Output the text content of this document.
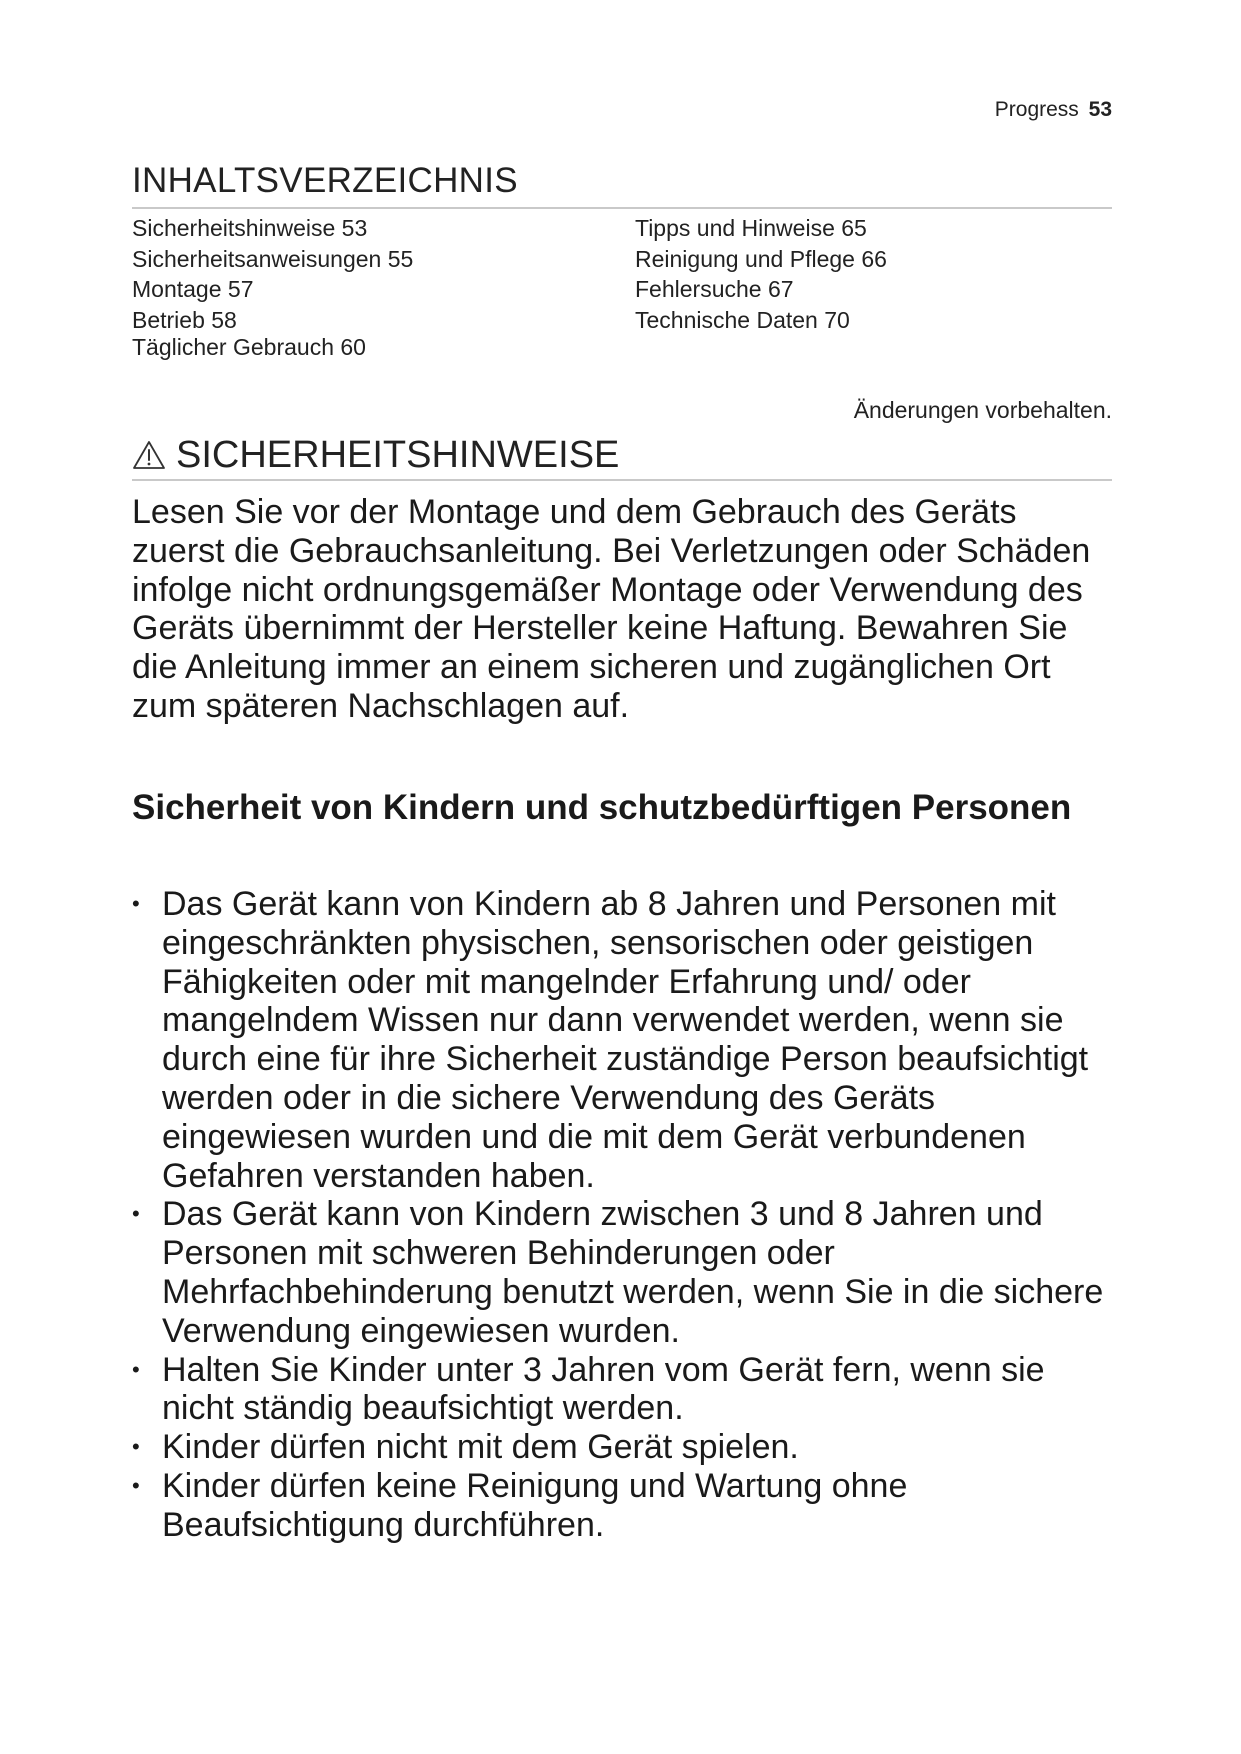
Progress 53
INHALTSVERZEICHNIS
Sicherheitshinweise 53
Sicherheitsanweisungen 55
Montage 57
Betrieb 58
Täglicher Gebrauch 60
Tipps und Hinweise 65
Reinigung und Pflege 66
Fehlersuche 67
Technische Daten 70
Änderungen vorbehalten.
SICHERHEITSHINWEISE
Lesen Sie vor der Montage und dem Gebrauch des Geräts zuerst die Gebrauchsanleitung. Bei Verletzungen oder Schäden infolge nicht ordnungsgemäßer Montage oder Verwendung des Geräts übernimmt der Hersteller keine Haftung. Bewahren Sie die Anleitung immer an einem sicheren und zugänglichen Ort zum späteren Nachschlagen auf.
Sicherheit von Kindern und schutzbedürftigen Personen
• Das Gerät kann von Kindern ab 8 Jahren und Personen mit eingeschränkten physischen, sensorischen oder geistigen Fähigkeiten oder mit mangelnder Erfahrung und/ oder mangelndem Wissen nur dann verwendet werden, wenn sie durch eine für ihre Sicherheit zuständige Person beaufsichtigt werden oder in die sichere Verwendung des Geräts eingewiesen wurden und die mit dem Gerät verbundenen Gefahren verstanden haben.
• Das Gerät kann von Kindern zwischen 3 und 8 Jahren und Personen mit schweren Behinderungen oder Mehrfachbehinderung benutzt werden, wenn Sie in die sichere Verwendung eingewiesen wurden.
• Halten Sie Kinder unter 3 Jahren vom Gerät fern, wenn sie nicht ständig beaufsichtigt werden.
• Kinder dürfen nicht mit dem Gerät spielen.
• Kinder dürfen keine Reinigung und Wartung ohne Beaufsichtigung durchführen.
